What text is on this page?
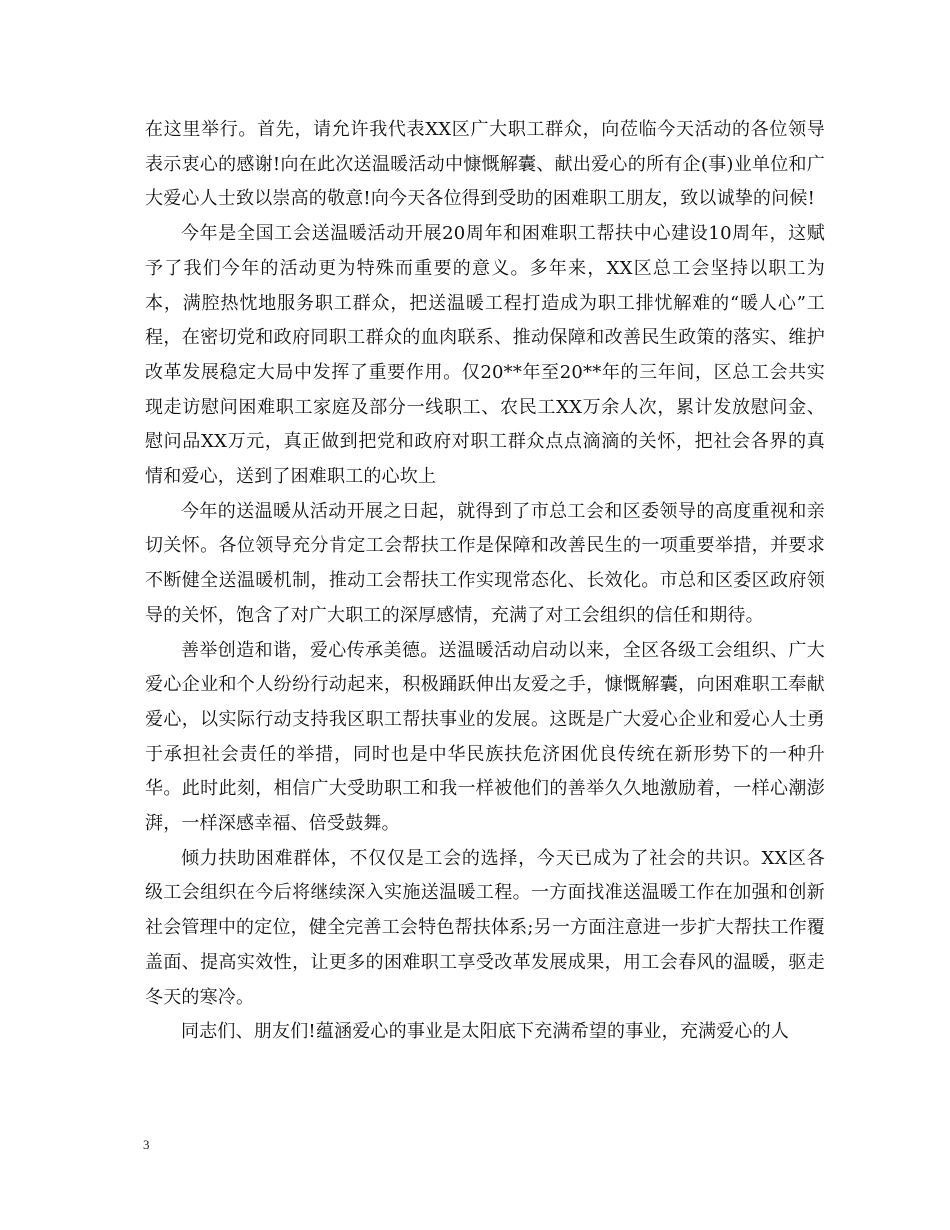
在这里举行。首先，请允许我代表XX区广大职工群众，向莅临今天活动的各位领导表示衷心的感谢!向在此次送温暖活动中慷慨解囊、献出爱心的所有企(事)业单位和广大爱心人士致以崇高的敬意!向今天各位得到受助的困难职工朋友，致以诚挚的问候!

今年是全国工会送温暖活动开展20周年和困难职工帮扶中心建设10周年，这赋予了我们今年的活动更为特殊而重要的意义。多年来，XX区总工会坚持以职工为本，满腔热忱地服务职工群众，把送温暖工程打造成为职工排忧解难的“暖人心”工程，在密切党和政府同职工群众的血肉联系、推动保障和改善民生政策的落实、维护改革发展稳定大局中发挥了重要作用。仅20**年至20**年的三年间，区总工会共实现走访慰问困难职工家庭及部分一线职工、农民工XX万余人次，累计发放慰问金、慰问品XX万元，真正做到把党和政府对职工群众点点滴滴的关怀，把社会各界的真情和爱心，送到了困难职工的心坎上

今年的送温暖从活动开展之日起，就得到了市总工会和区委领导的高度重视和亲切关怀。各位领导充分肯定工会帮扶工作是保障和改善民生的一项重要举措，并要求不断健全送温暖机制，推动工会帮扶工作实现常态化、长效化。市总和区委区政府领导的关怀，饱含了对广大职工的深厚感情，充满了对工会组织的信任和期待。

善举创造和谐，爱心传承美德。送温暖活动启动以来，全区各级工会组织、广大爱心企业和个人纷纷行动起来，积极踊跃伸出友爱之手，慷慨解囊，向困难职工奉献爱心，以实际行动支持我区职工帮扶事业的发展。这既是广大爱心企业和爱心人士勇于承担社会责任的举措，同时也是中华民族扶危济困优良传统在新形势下的一种升华。此时此刻，相信广大受助职工和我一样被他们的善举久久地激励着，一样心潮澎湃，一样深感幸福、倍受鼓舞。

倾力扶助困难群体，不仅仅是工会的选择，今天已成为了社会的共识。XX区各级工会组织在今后将继续深入实施送温暖工程。一方面找准送温暖工作在加强和创新社会管理中的定位，健全完善工会特色帮扶体系;另一方面注意进一步扩大帮扶工作覆盖面、提高实效性，让更多的困难职工享受改革发展成果，用工会春风的温暖，驱走冬天的寒冷。

同志们、朋友们!蕴涵爱心的事业是太阳底下充满希望的事业，充满爱心的人

3
